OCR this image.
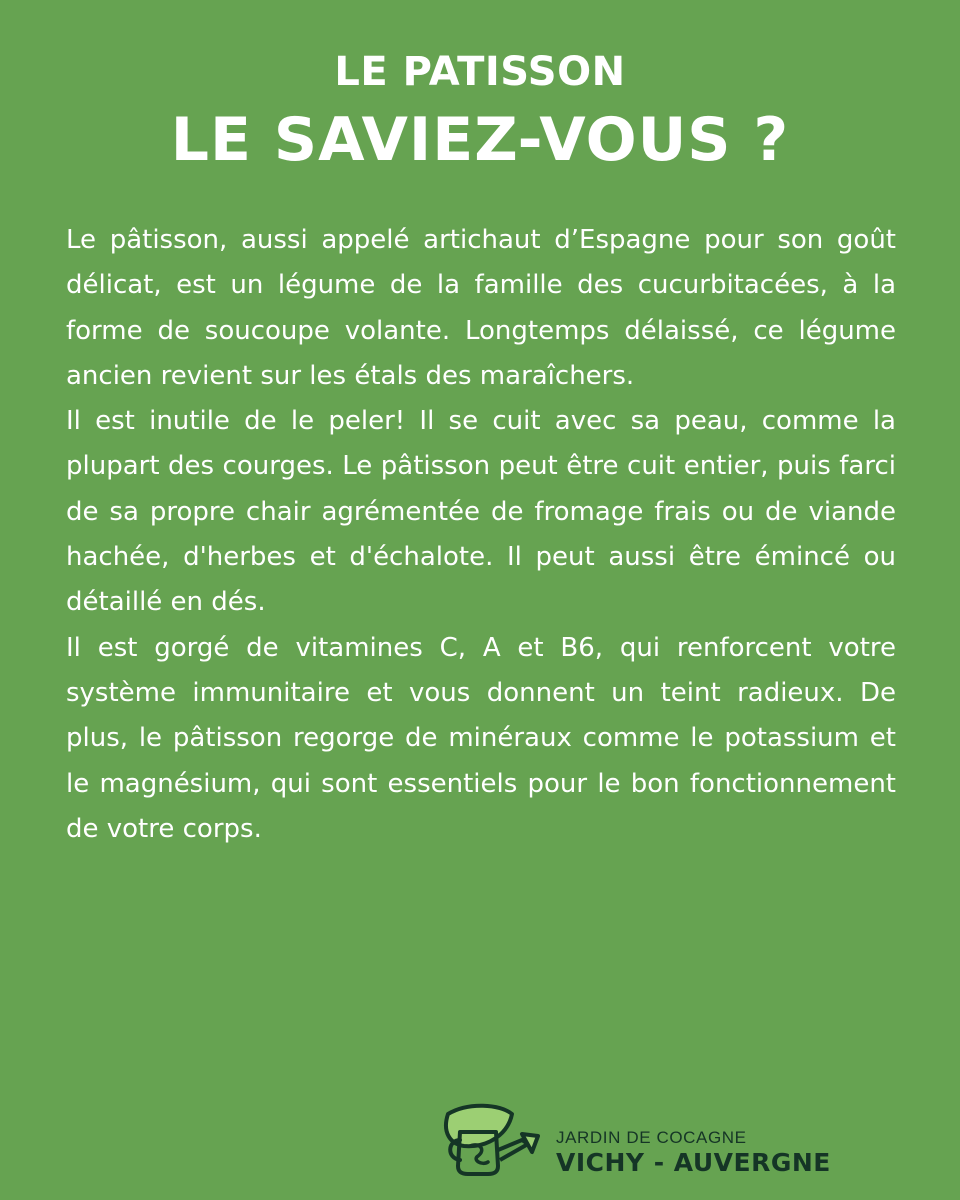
LE PATISSON
LE SAVIEZ-VOUS ?

Le pâtisson, aussi appelé artichaut d’Espagne pour son goût délicat, est un légume de la famille des cucurbitacées, à la forme de soucoupe volante. Longtemps délaissé, ce légume ancien revient sur les étals des maraîchers.

Il est inutile de le peler! Il se cuit avec sa peau, comme la plupart des courges. Le pâtisson peut être cuit entier, puis farci de sa propre chair agrémentée de fromage frais ou de viande hachée, d'herbes et d'échalote. Il peut aussi être émincé ou détaillé en dés.

Il est gorgé de vitamines C, A et B6, qui renforcent votre système immunitaire et vous donnent un teint radieux. De plus, le pâtisson regorge de minéraux comme le potassium et le magnésium, qui sont essentiels pour le bon fonctionnement de votre corps.

JARDIN DE COCAGNE
VICHY - AUVERGNE
